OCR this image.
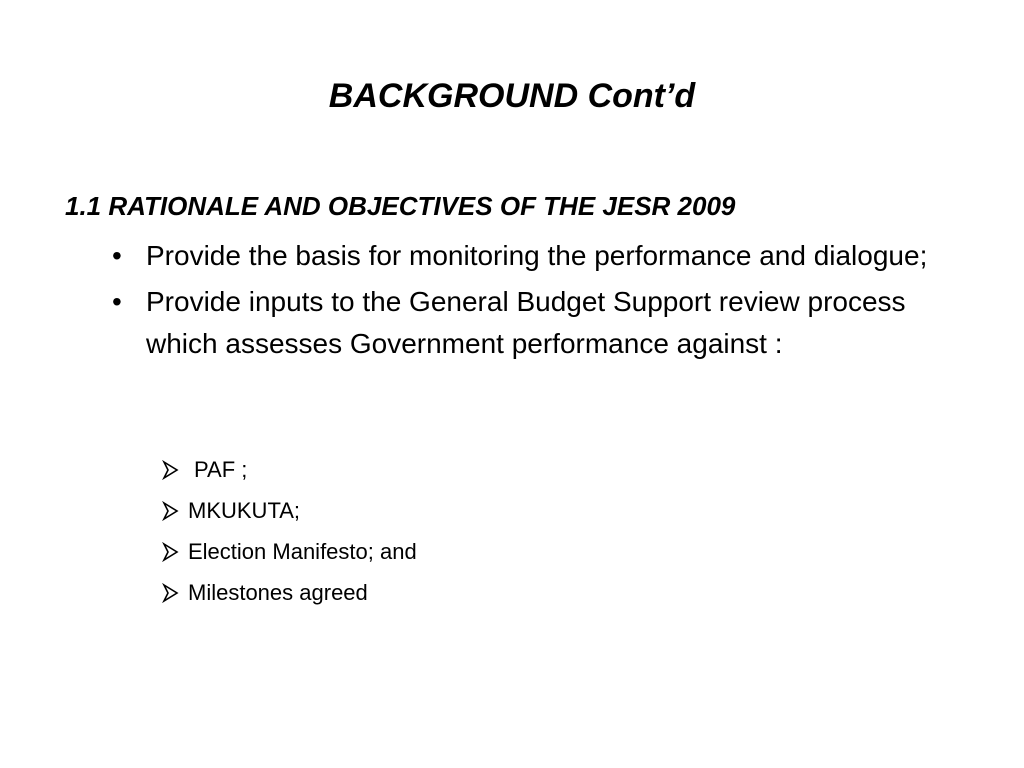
BACKGROUND Cont’d
1.1 RATIONALE AND OBJECTIVES OF THE JESR 2009
• Provide the basis for monitoring the performance and dialogue;
• Provide inputs to the General Budget Support review process which assesses Government performance against :
PAF ;
MKUKUTA;
Election Manifesto; and
Milestones agreed
